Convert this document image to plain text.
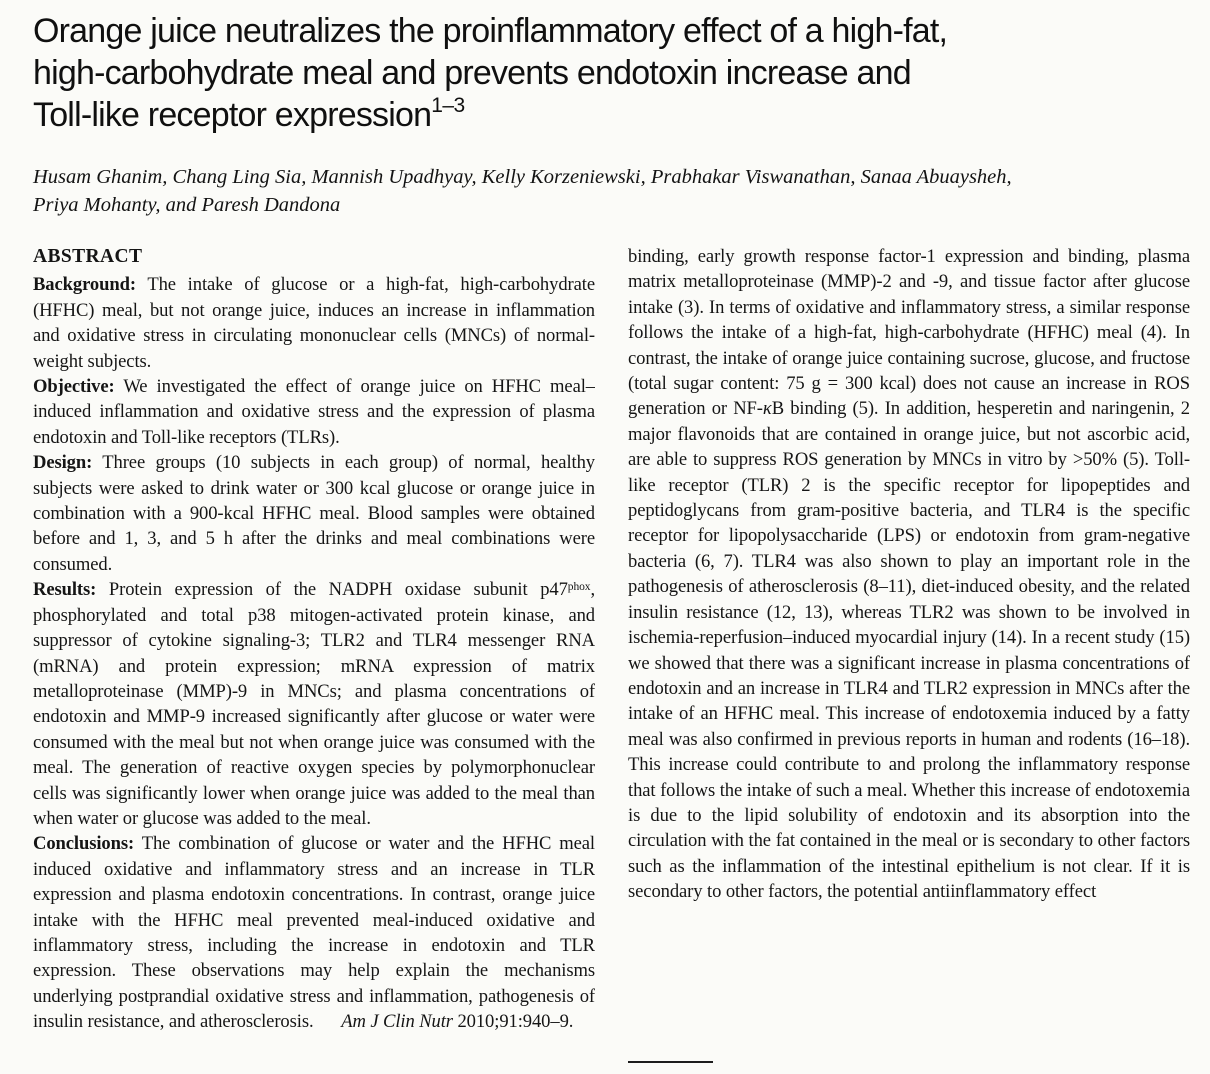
Orange juice neutralizes the proinflammatory effect of a high-fat,
high-carbohydrate meal and prevents endotoxin increase and
Toll-like receptor expression$^{1-3}$
Husam Ghanim, Chang Ling Sia, Mannish Upadhyay, Kelly Korzeniewski, Prabhakar Viswanathan, Sanaa Abuaysheh,
Priya Mohanty, and Paresh Dandona

ABSTRACT

Background: The intake of glucose or a high-fat, high-carbohydrate (HFHC) meal, but not orange juice, induces an increase in inflammation and oxidative stress in circulating mononuclear cells (MNCs) of normal-weight subjects.

Objective: We investigated the effect of orange juice on HFHC meal–induced inflammation and oxidative stress and the expression of plasma endotoxin and Toll-like receptors (TLRs).

Design: Three groups (10 subjects in each group) of normal, healthy subjects were asked to drink water or 300 kcal glucose or orange juice in combination with a 900-kcal HFHC meal. Blood samples were obtained before and 1, 3, and 5 h after the drinks and meal combinations were consumed.

Results: Protein expression of the NADPH oxidase subunit $p47^{phox}$, phosphorylated and total p38 mitogen-activated protein kinase, and suppressor of cytokine signaling-3; TLR2 and TLR4 messenger RNA (mRNA) and protein expression; mRNA expression of matrix metalloproteinase (MMP)-9 in MNCs; and plasma concentrations of endotoxin and MMP-9 increased significantly after glucose or water were consumed with the meal but not when orange juice was consumed with the meal. The generation of reactive oxygen species by polymorphonuclear cells was significantly lower when orange juice was added to the meal than when water or glucose was added to the meal.

Conclusions: The combination of glucose or water and the HFHC meal induced oxidative and inflammatory stress and an increase in TLR expression and plasma endotoxin concentrations. In contrast, orange juice intake with the HFHC meal prevented meal-induced oxidative and inflammatory stress, including the increase in endotoxin and TLR expression. These observations may help explain the mechanisms underlying postprandial oxidative stress and inflammation, pathogenesis of insulin resistance, and atherosclerosis.  Am J Clin Nutr 2010;91:940–9.

binding, early growth response factor-1 expression and binding, plasma matrix metalloproteinase (MMP)-2 and -9, and tissue factor after glucose intake (3). In terms of oxidative and inflammatory stress, a similar response follows the intake of a high-fat, high-carbohydrate (HFHC) meal (4). In contrast, the intake of orange juice containing sucrose, glucose, and fructose (total sugar content: 75 g = 300 kcal) does not cause an increase in ROS generation or NF-κB binding (5). In addition, hesperetin and naringenin, 2 major flavonoids that are contained in orange juice, but not ascorbic acid, are able to suppress ROS generation by MNCs in vitro by >50% (5). Toll-like receptor (TLR) 2 is the specific receptor for lipopeptides and peptidoglycans from gram-positive bacteria, and TLR4 is the specific receptor for lipopolysaccharide (LPS) or endotoxin from gram-negative bacteria (6, 7). TLR4 was also shown to play an important role in the pathogenesis of atherosclerosis (8–11), diet-induced obesity, and the related insulin resistance (12, 13), whereas TLR2 was shown to be involved in ischemia-reperfusion–induced myocardial injury (14). In a recent study (15) we showed that there was a significant increase in plasma concentrations of endotoxin and an increase in TLR4 and TLR2 expression in MNCs after the intake of an HFHC meal. This increase of endotoxemia induced by a fatty meal was also confirmed in previous reports in human and rodents (16–18). This increase could contribute to and prolong the inflammatory response that follows the intake of such a meal. Whether this increase of endotoxemia is due to the lipid solubility of endotoxin and its absorption into the circulation with the fat contained in the meal or is secondary to other factors such as the inflammation of the intestinal epithelium is not clear. If it is secondary to other factors, the potential antiinflammatory effect
